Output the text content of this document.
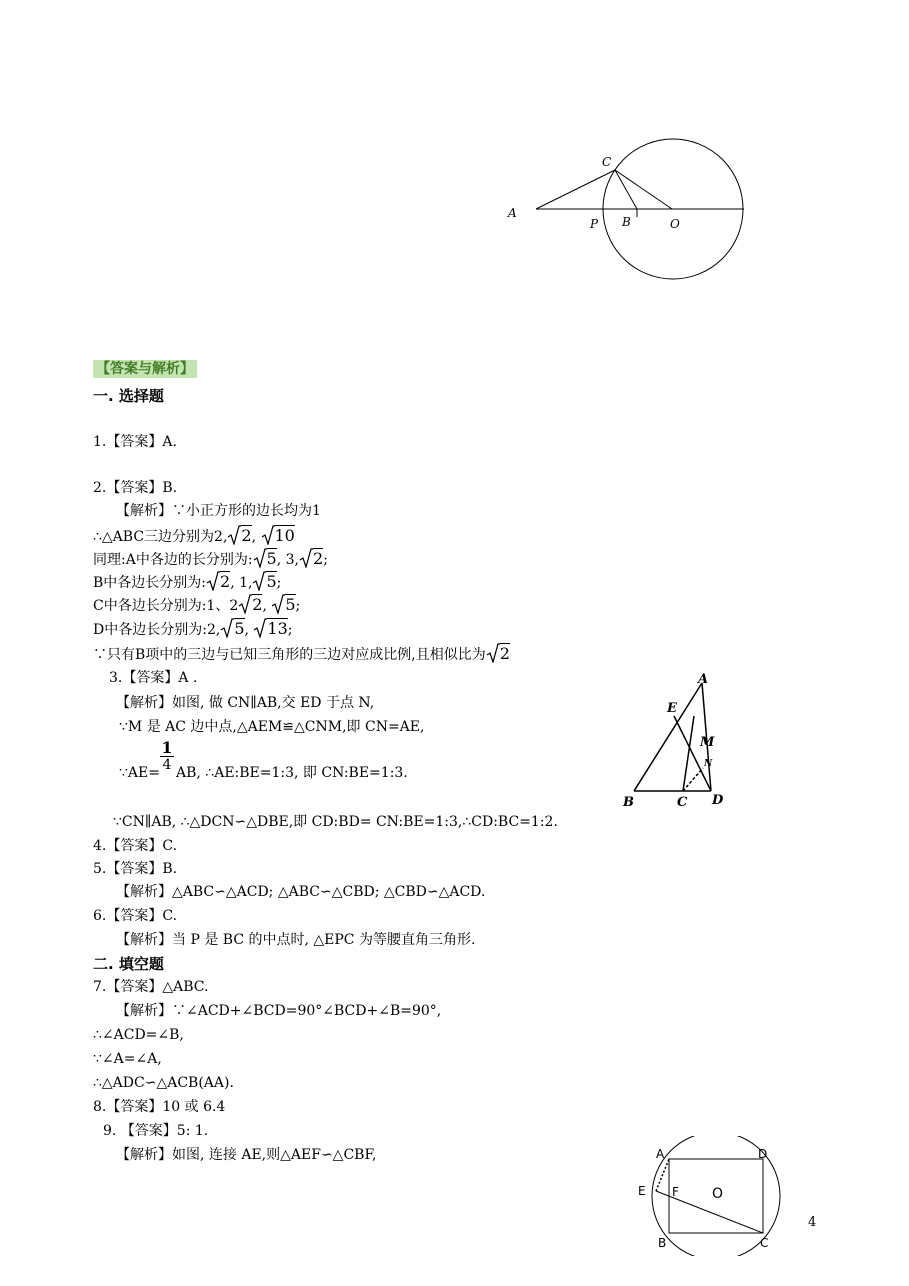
A
C
P B	O
【答案与解析】
一. 选择题
1.【答案】A.
2.【答案】B.
【解析】∵小正方形的边长均为1
∴△ABC三边分别为2, 2, 10
同理:A中各边的长分别为: 5, 3, 2;
B中各边长分别为: 2, 1, 5;
C中各边长分别为:1、2 2, 5;
D中各边长分别为:2, 5, 13;
∵只有B项中的三边与已知三角形的三边对应成比例,且相似比为 2
3.【答案】A .
【解析】如图, 做 CN∥AB,交 ED 于点 N,
∵M 是 AC 边中点,△AEM≌△CNM,即 CN=AE,
1
4
∵AE= AB, ∴AE:BE=1:3, 即 CN:BE=1:3.
∵CN∥AB, ∴△DCN∽△DBE,即 CD:BD= CN:BE=1:3,∴CD:BC=1:2.
A
E
M
N
B	C D
4.【答案】C.
5.【答案】B.
【解析】△ABC∽△ACD; △ABC∽△CBD; △CBD∽△ACD.
6.【答案】C.
【解析】当 P 是 BC 的中点时, △EPC 为等腰直角三角形.
二. 填空题
7.【答案】△ABC.
【解析】∵∠ACD+∠BCD=90°∠BCD+∠B=90°,
∴∠ACD=∠B,
∵∠A=∠A,
∴△ADC∽△ACB(AA).
8.【答案】10 或 6.4
9. 【答案】5: 1.
【解析】如图, 连接 AE,则△AEF∽△CBF,	A	D
E F O
B	C
4
